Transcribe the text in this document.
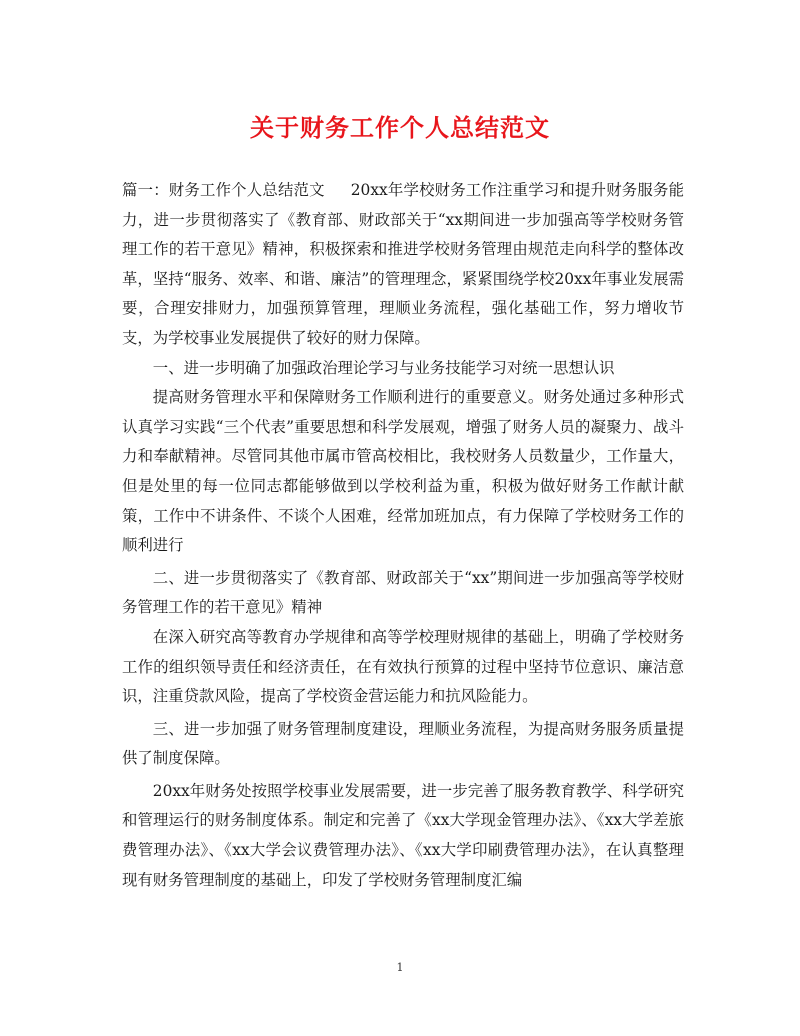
关于财务工作个人总结范文

篇一：财务工作个人总结范文 20xx年学校财务工作注重学习和提升财务服务能力，进一步贯彻落实了《教育部、财政部关于“xx期间进一步加强高等学校财务管理工作的若干意见》精神，积极探索和推进学校财务管理由规范走向科学的整体改革，坚持“服务、效率、和谐、廉洁”的管理理念，紧紧围绕学校20xx年事业发展需要，合理安排财力，加强预算管理，理顺业务流程，强化基础工作，努力增收节支，为学校事业发展提供了较好的财力保障。

一、进一步明确了加强政治理论学习与业务技能学习对统一思想认识

提高财务管理水平和保障财务工作顺利进行的重要意义。财务处通过多种形式认真学习实践“三个代表”重要思想和科学发展观，增强了财务人员的凝聚力、战斗力和奉献精神。尽管同其他市属市管高校相比，我校财务人员数量少，工作量大，但是处里的每一位同志都能够做到以学校利益为重，积极为做好财务工作献计献策，工作中不讲条件、不谈个人困难，经常加班加点，有力保障了学校财务工作的顺利进行

二、进一步贯彻落实了《教育部、财政部关于“xx”期间进一步加强高等学校财务管理工作的若干意见》精神

在深入研究高等教育办学规律和高等学校理财规律的基础上，明确了学校财务工作的组织领导责任和经济责任，在有效执行预算的过程中坚持节位意识、廉洁意识，注重贷款风险，提高了学校资金营运能力和抗风险能力。

三、进一步加强了财务管理制度建设，理顺业务流程，为提高财务服务质量提供了制度保障。

20xx年财务处按照学校事业发展需要，进一步完善了服务教育教学、科学研究和管理运行的财务制度体系。制定和完善了《xx大学现金管理办法》、《xx大学差旅费管理办法》、《xx大学会议费管理办法》、《xx大学印刷费管理办法》，在认真整理现有财务管理制度的基础上，印发了学校财务管理制度汇编

1
